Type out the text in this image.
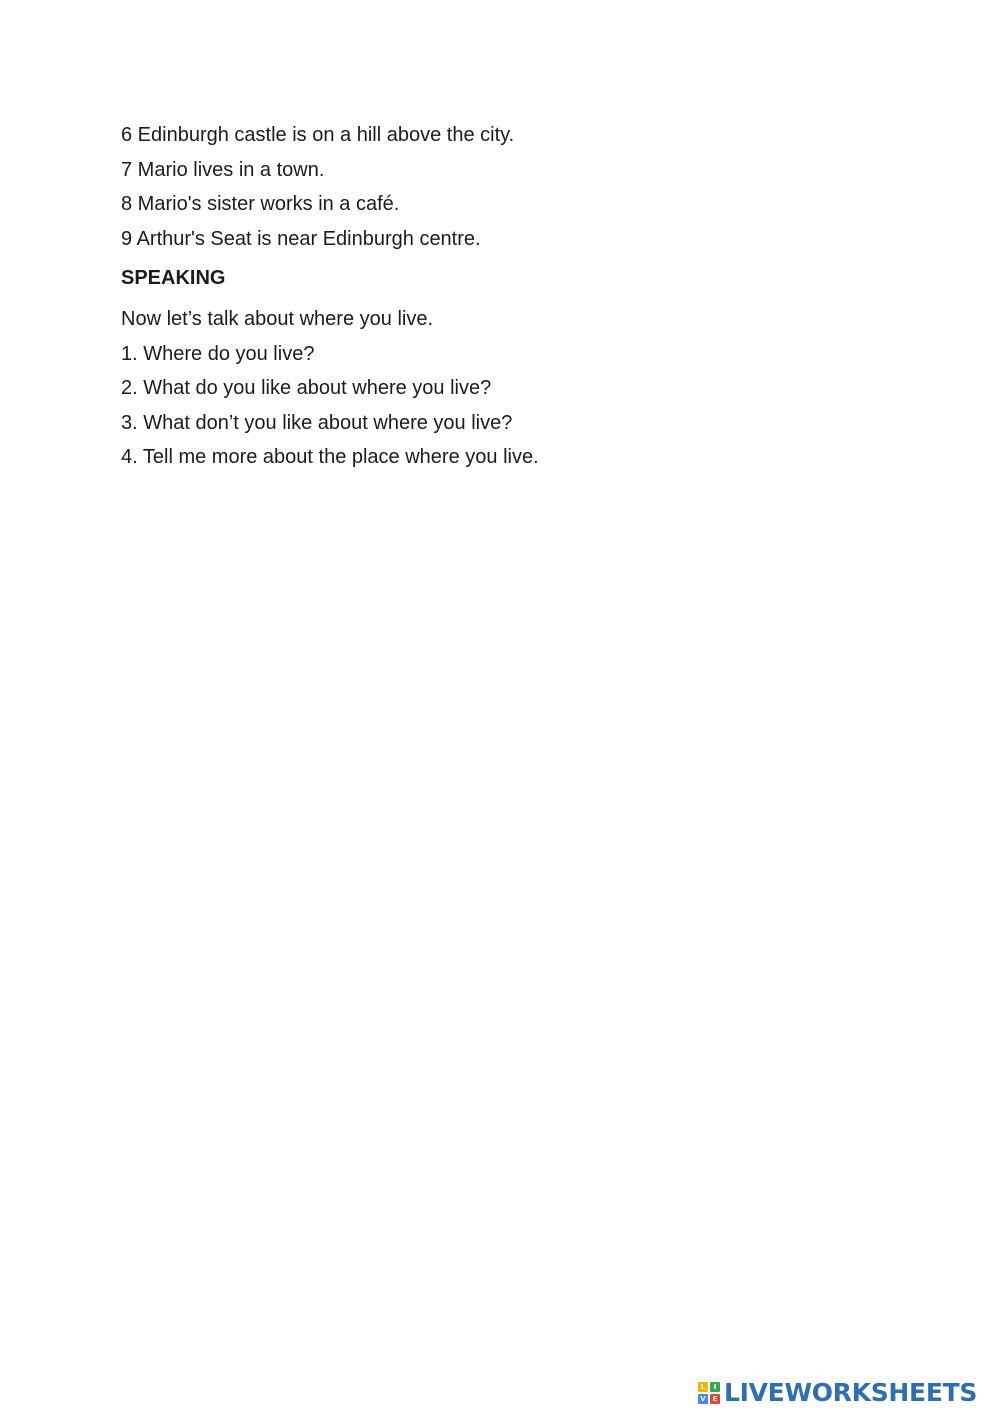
6 Edinburgh castle is on a hill above the city.
7 Mario lives in a town.
8 Mario's sister works in a café.
9 Arthur's Seat is near Edinburgh centre.
SPEAKING
Now let’s talk about where you live.
1. Where do you live?
2. What do you like about where you live?
3. What don’t you like about where you live?
4. Tell me more about the place where you live.
L	I
V E LIVEWORKSHEETS
